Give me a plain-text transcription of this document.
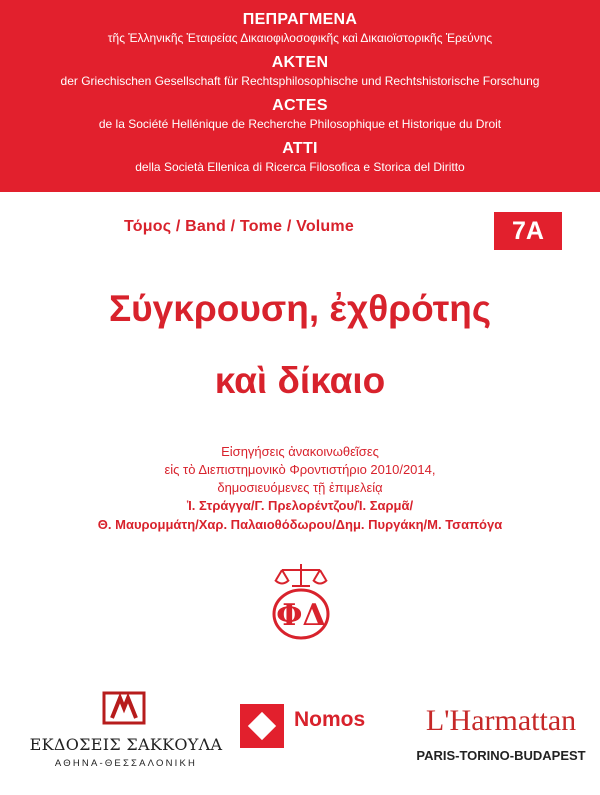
ΠΕΠΡΑΓΜΕΝΑ
τῆς Ἑλληνικῆς Ἑταιρείας Δικαιοφιλοσοφικῆς καὶ Δικαιοϊστορικῆς Ἐρεύνης
AKTEN
der Griechischen Gesellschaft für Rechtsphilosophische und Rechtshistorische Forschung
ACTES
de la Société Hellénique de Recherche Philosophique et Historique du Droit
ATTI
della Società Ellenica di Ricerca Filosofica e Storica del Diritto
Τόμος / Band / Tome / Volume	7Α
Σύγκρουση, ἐχθρότης
καὶ δίκαιο
Εἰσηγήσεις ἀνακοινωθεῖσες
εἰς τὸ Διεπιστημονικὸ Φροντιστήριο 2010/2014,
δημοσιευόμενες τῇ ἐπιμελείᾳ
Ἰ. Στράγγα/Γ. Πρελορέντζου/Ἰ. Σαρμᾶ/
Θ. Μαυρομμάτη/Χαρ. Παλαιοθόδωρου/Δημ. Πυργάκη/Μ. Τσαπόγα
ΦΔ
ΕΚΔΟΣΕΙΣ ΣΑΚΚΟΥΛΑ
ΑΘΗΝΑ-ΘΕΣΣΑΛΟΝΙΚΗ
Nomos	L'Harmattan
PARIS-TORINO-BUDAPEST
